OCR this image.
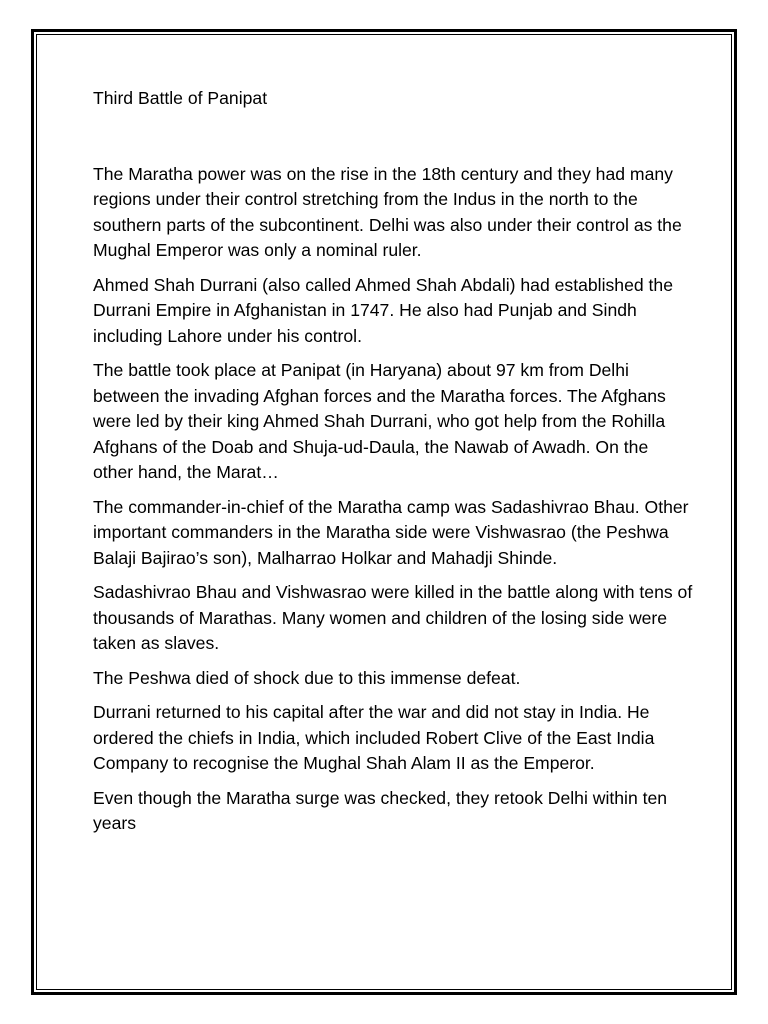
Third Battle of Panipat

The Maratha power was on the rise in the 18th century and they had many regions under their control stretching from the Indus in the north to the southern parts of the subcontinent. Delhi was also under their control as the Mughal Emperor was only a nominal ruler.

Ahmed Shah Durrani (also called Ahmed Shah Abdali) had established the Durrani Empire in Afghanistan in 1747. He also had Punjab and Sindh including Lahore under his control.

The battle took place at Panipat (in Haryana) about 97 km from Delhi between the invading Afghan forces and the Maratha forces. The Afghans were led by their king Ahmed Shah Durrani, who got help from the Rohilla Afghans of the Doab and Shuja-ud-Daula, the Nawab of Awadh. On the other hand, the Marat…

The commander-in-chief of the Maratha camp was Sadashivrao Bhau. Other important commanders in the Maratha side were Vishwasrao (the Peshwa Balaji Bajirao’s son), Malharrao Holkar and Mahadji Shinde.

Sadashivrao Bhau and Vishwasrao were killed in the battle along with tens of thousands of Marathas. Many women and children of the losing side were taken as slaves.

The Peshwa died of shock due to this immense defeat.

Durrani returned to his capital after the war and did not stay in India. He ordered the chiefs in India, which included Robert Clive of the East India Company to recognise the Mughal Shah Alam II as the Emperor.

Even though the Maratha surge was checked, they retook Delhi within ten years
